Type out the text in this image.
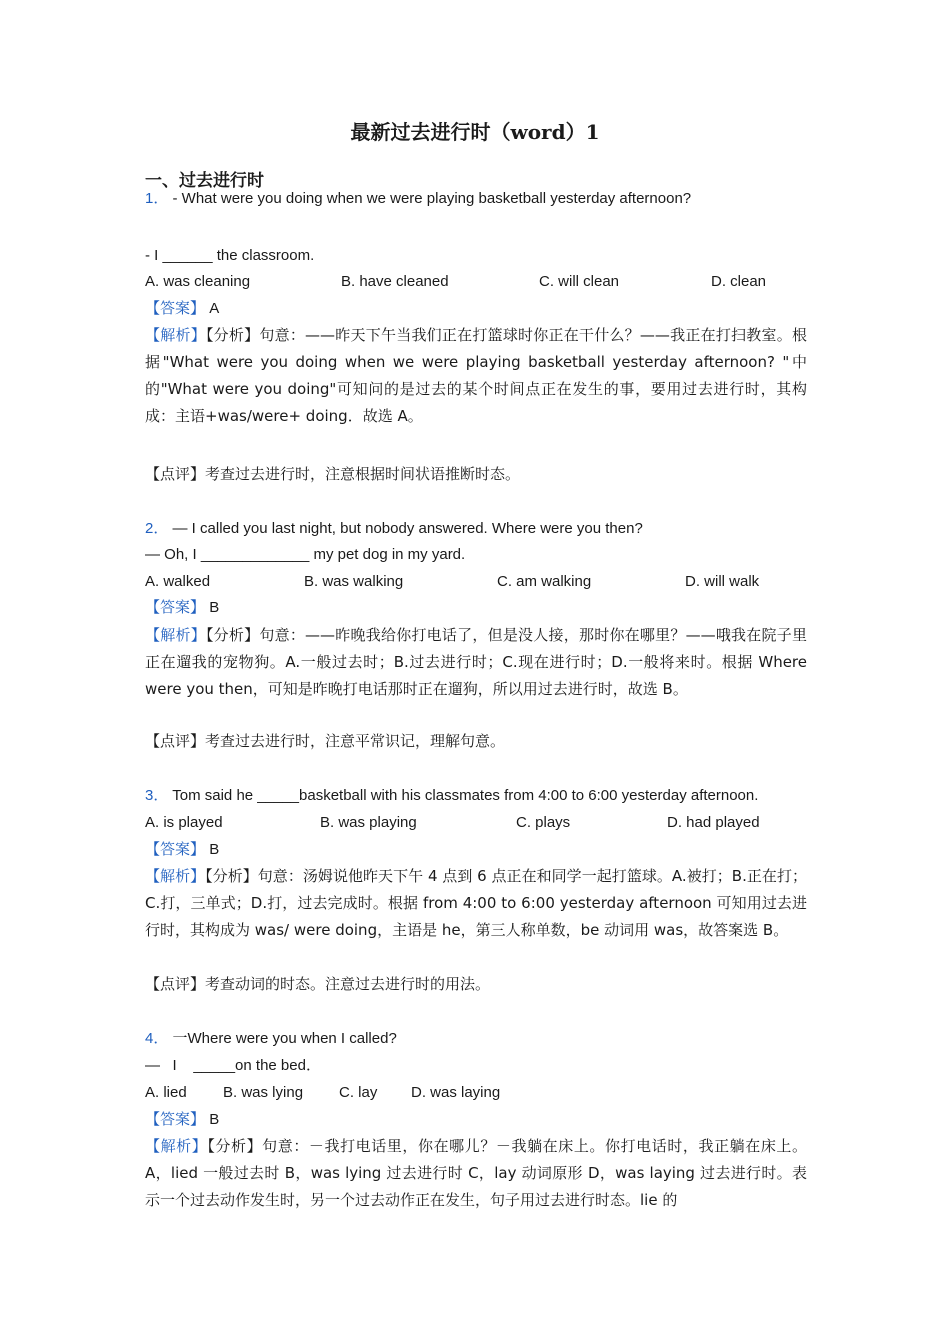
最新过去进行时（word）1
一、过去进行时
1． - What were you doing when we were playing basketball yesterday afternoon?
- I ______ the classroom.
A. was cleaning	B. have cleaned	C. will clean	D. clean
【答案】 A
【解析】【分析】句意：——昨天下午当我们正在打篮球时你正在干什么？——我正在打扫教室。根据"What were you doing when we were playing basketball yesterday afternoon? "中的"What were you doing"可知问的是过去的某个时间点正在发生的事，要用过去进行时，其构成：主语+was/were+ doing．故选 A。
【点评】考查过去进行时，注意根据时间状语推断时态。
2． — I called you last night, but nobody answered. Where were you then?
— Oh, I _____________ my pet dog in my yard.
A. walked	B. was walking	C. am walking	D. will walk
【答案】 B
【解析】【分析】句意：——昨晚我给你打电话了，但是没人接，那时你在哪里？——哦我在院子里正在遛我的宠物狗。A.一般过去时；B.过去进行时；C.现在进行时；D.一般将来时。根据 Where were you then，可知是昨晚打电话那时正在遛狗，所以用过去进行时，故选 B。
【点评】考查过去进行时，注意平常识记，理解句意。
3． Tom said he _____basketball with his classmates from 4:00 to 6:00 yesterday afternoon.
A. is played	B. was playing	C. plays	D. had played
【答案】 B
【解析】【分析】句意：汤姆说他昨天下午 4 点到 6 点正在和同学一起打篮球。A.被打；B.正在打；C.打，三单式；D.打，过去完成时。根据 from 4:00 to 6:00 yesterday afternoon 可知用过去进行时，其构成为 was/ were doing，主语是 he，第三人称单数，be 动词用 was，故答案选 B。
【点评】考查动词的时态。注意过去进行时的用法。
4． 一Where were you when I called?
—   I    _____on the bed．
A. lied B. was lying C. lay D. was laying
【答案】 B
【解析】【分析】句意：－我打电话里，你在哪儿？－我躺在床上。你打电话时，我正躺在床上。A，lied 一般过去时 B，was lying 过去进行时 C，lay 动词原形 D，was laying 过去进行时。表示一个过去动作发生时，另一个过去动作正在发生，句子用过去进行时态。lie 的
